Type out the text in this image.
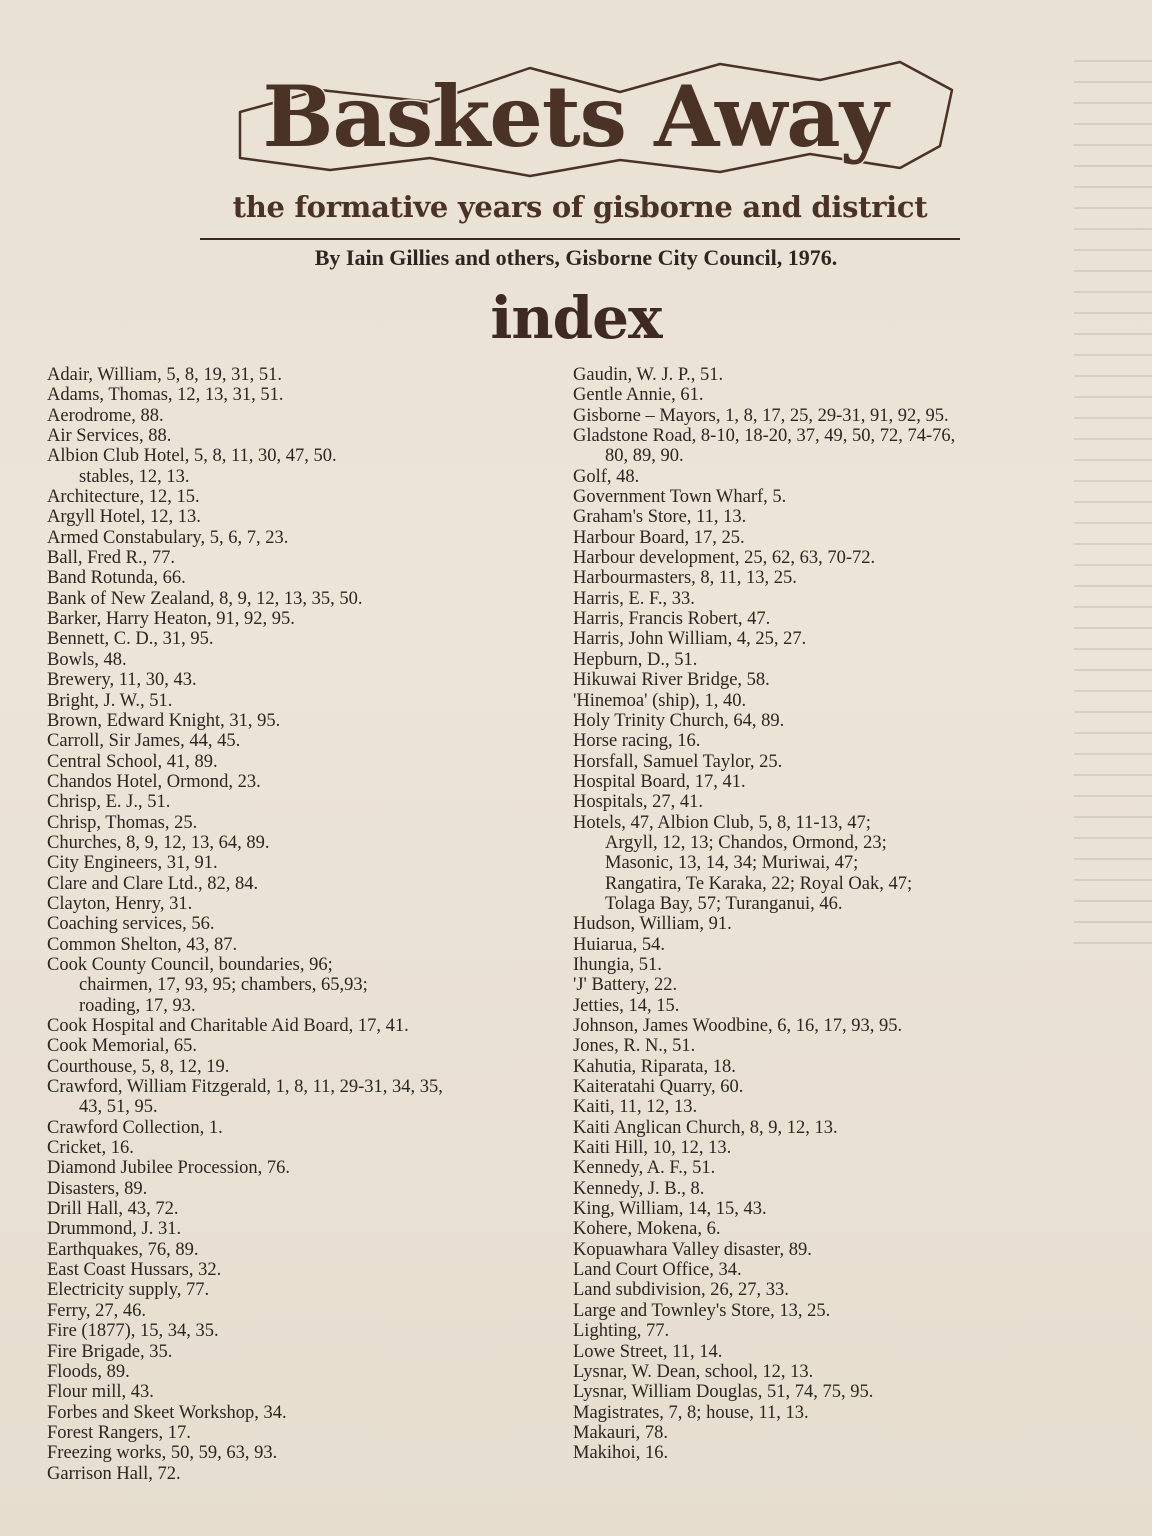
Baskets Away
the formative years of gisborne and district
By Iain Gillies and others, Gisborne City Council, 1976.
index
Adair, William, 5, 8, 19, 31, 51.
Adams, Thomas, 12, 13, 31, 51.
Aerodrome, 88.
Air Services, 88.
Albion Club Hotel, 5, 8, 11, 30, 47, 50.
stables, 12, 13.
Architecture, 12, 15.
Argyll Hotel, 12, 13.
Armed Constabulary, 5, 6, 7, 23.
Ball, Fred R., 77.
Band Rotunda, 66.
Bank of New Zealand, 8, 9, 12, 13, 35, 50.
Barker, Harry Heaton, 91, 92, 95.
Bennett, C. D., 31, 95.
Bowls, 48.
Brewery, 11, 30, 43.
Bright, J. W., 51.
Brown, Edward Knight, 31, 95.
Carroll, Sir James, 44, 45.
Central School, 41, 89.
Chandos Hotel, Ormond, 23.
Chrisp, E. J., 51.
Chrisp, Thomas, 25.
Churches, 8, 9, 12, 13, 64, 89.
City Engineers, 31, 91.
Clare and Clare Ltd., 82, 84.
Clayton, Henry, 31.
Coaching services, 56.
Common Shelton, 43, 87.
Cook County Council, boundaries, 96;
chairmen, 17, 93, 95; chambers, 65,93;
roading, 17, 93.
Cook Hospital and Charitable Aid Board, 17, 41.
Cook Memorial, 65.
Courthouse, 5, 8, 12, 19.
Crawford, William Fitzgerald, 1, 8, 11, 29-31, 34, 35,
43, 51, 95.
Crawford Collection, 1.
Cricket, 16.
Diamond Jubilee Procession, 76.
Disasters, 89.
Drill Hall, 43, 72.
Drummond, J. 31.
Earthquakes, 76, 89.
East Coast Hussars, 32.
Electricity supply, 77.
Ferry, 27, 46.
Fire (1877), 15, 34, 35.
Fire Brigade, 35.
Floods, 89.
Flour mill, 43.
Forbes and Skeet Workshop, 34.
Forest Rangers, 17.
Freezing works, 50, 59, 63, 93.
Garrison Hall, 72.
Gaudin, W. J. P., 51.
Gentle Annie, 61.
Gisborne – Mayors, 1, 8, 17, 25, 29-31, 91, 92, 95.
Gladstone Road, 8-10, 18-20, 37, 49, 50, 72, 74-76,
80, 89, 90.
Golf, 48.
Government Town Wharf, 5.
Graham's Store, 11, 13.
Harbour Board, 17, 25.
Harbour development, 25, 62, 63, 70-72.
Harbourmasters, 8, 11, 13, 25.
Harris, E. F., 33.
Harris, Francis Robert, 47.
Harris, John William, 4, 25, 27.
Hepburn, D., 51.
Hikuwai River Bridge, 58.
'Hinemoa' (ship), 1, 40.
Holy Trinity Church, 64, 89.
Horse racing, 16.
Horsfall, Samuel Taylor, 25.
Hospital Board, 17, 41.
Hospitals, 27, 41.
Hotels, 47, Albion Club, 5, 8, 11-13, 47;
Argyll, 12, 13; Chandos, Ormond, 23;
Masonic, 13, 14, 34; Muriwai, 47;
Rangatira, Te Karaka, 22; Royal Oak, 47;
Tolaga Bay, 57; Turanganui, 46.
Hudson, William, 91.
Huiarua, 54.
Ihungia, 51.
'J' Battery, 22.
Jetties, 14, 15.
Johnson, James Woodbine, 6, 16, 17, 93, 95.
Jones, R. N., 51.
Kahutia, Riparata, 18.
Kaiteratahi Quarry, 60.
Kaiti, 11, 12, 13.
Kaiti Anglican Church, 8, 9, 12, 13.
Kaiti Hill, 10, 12, 13.
Kennedy, A. F., 51.
Kennedy, J. B., 8.
King, William, 14, 15, 43.
Kohere, Mokena, 6.
Kopuawhara Valley disaster, 89.
Land Court Office, 34.
Land subdivision, 26, 27, 33.
Large and Townley's Store, 13, 25.
Lighting, 77.
Lowe Street, 11, 14.
Lysnar, W. Dean, school, 12, 13.
Lysnar, William Douglas, 51, 74, 75, 95.
Magistrates, 7, 8; house, 11, 13.
Makauri, 78.
Makihoi, 16.
